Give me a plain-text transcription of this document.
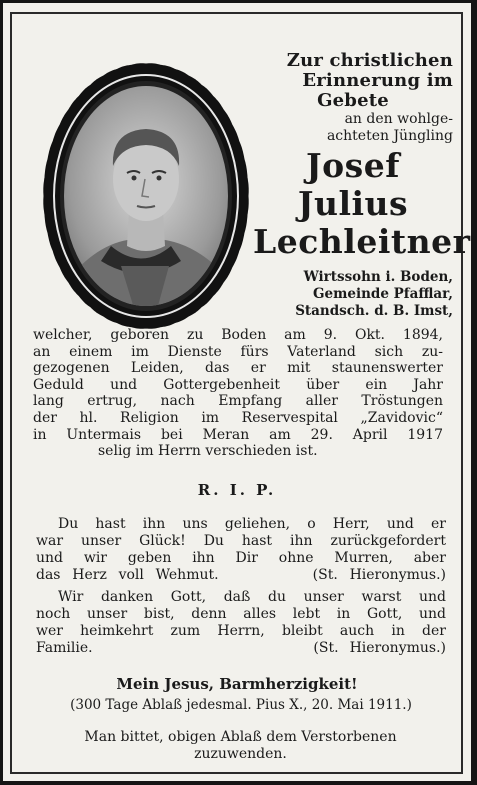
Zur christlichen
Erinnerung im
Gebete
an den wohlge-
achteten Jüngling
Josef Julius
Lechleitner
Wirtssohn i. Boden,
Gemeinde Pfafflar,
Standsch. d. B. Imst,
welcher, geboren zu Boden am 9. Okt. 1894,
an einem im Dienste fürs Vaterland sich zu-
gezogenen Leiden, das er mit staunenswerter
Geduld und Gottergebenheit über ein Jahr
lang ertrug, nach Empfang aller Tröstungen
der hl. Religion im Reservespital „Zavidovic“
in Untermais bei Meran am 29. April 1917
selig im Herrn verschieden ist.
R. I. P.
Du hast ihn uns geliehen, o Herr, und er
war unser Glück! Du hast ihn zurückgefordert
und wir geben ihn Dir ohne Murren, aber
das Herz voll Wehmut.        (St. Hieronymus.)
Wir danken Gott, daß du unser warst und
noch unser bist, denn alles lebt in Gott, und
wer heimkehrt zum Herrn, bleibt auch in der
Familie.                    (St. Hieronymus.)
Mein Jesus, Barmherzigkeit!
(300 Tage Ablaß jedesmal. Pius X., 20. Mai 1911.)
Man bittet, obigen Ablaß dem Verstorbenen
zuzuwenden.
